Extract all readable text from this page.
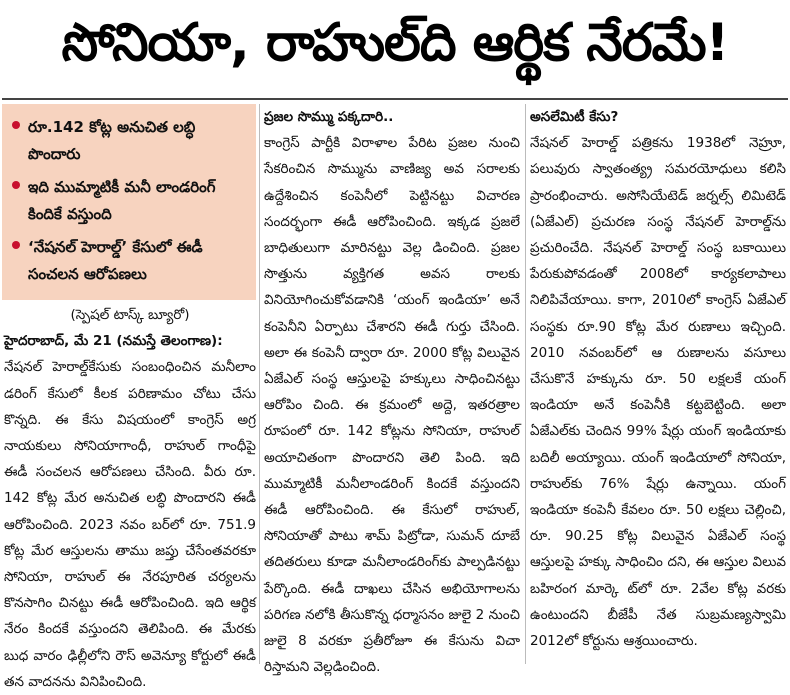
సోనియా, రాహుల్‌ది ఆర్థిక నేరమే!
రూ.142 కోట్ల అనుచిత లబ్ధి పొందారు
ఇది ముమ్మాటికీ మనీ లాండరింగ్‌ కిందికే వస్తుంది
‘నేషనల్‌ హెరాల్డ్‌’ కేసులో ఈడీ సంచలన ఆరోపణలు

(స్పెషల్‌ టాస్క్‌ బ్యూరో)

హైదరాబాద్‌, మే 21 (నమస్తే తెలంగాణ):

నేషనల్‌ హెరాల్డ్‌కేసుకు సంబంధించిన మనీలాం డరింగ్‌ కేసులో కీలక పరిణామం చోటు చేసు కొన్నది. ఈ కేసు విషయంలో కాంగ్రెస్‌ అగ్ర నాయకులు సోనియాగాంధీ, రాహుల్‌ గాంధీపై ఈడీ సంచలన ఆరోపణలు చేసింది. వీరు రూ. 142 కోట్ల మేర అనుచిత లబ్ధి పొందారని ఈడీ ఆరోపించింది. 2023 నవం బర్‌లో రూ. 751.9 కోట్ల మేర ఆస్తులను తాము జప్తు చేసేంతవరకూ సోనియా, రాహుల్‌ ఈ నేరపూరిత చర్యలను కొనసాగిం చినట్టు ఈడీ ఆరోపించింది. ఇది ఆర్థిక నేరం కిందకే వస్తుందని తెలిపింది. ఈ మేరకు బుధ వారం ఢిల్లీలోని రౌస్‌ అవెన్యూ కోర్టులో ఈడీ తన వాదనను వినిపించింది.

ప్రజల సొమ్ము పక్కదారి..

కాంగ్రెస్‌ పార్టీకి విరాళాల పేరిట ప్రజల నుంచి సేకరించిన సొమ్మును వాణిజ్య అవ సరాలకు ఉద్దేశించిన కంపెనీలో పెట్టినట్టు విచారణ సందర్భంగా ఈడీ ఆరోపించింది. ఇక్కడ ప్రజలే బాధితులుగా మారినట్టు వెల్ల డించింది. ప్రజల సొత్తును వ్యక్తిగత అవస రాలకు వినియోగించుకోవడానికి ‘యంగ్‌ ఇండియా’ అనే కంపెనీని ఏర్పాటు చేశారని ఈడీ గుర్తు చేసింది. అలా ఈ కంపెనీ ద్వారా రూ. 2000 కోట్ల విలువైన ఏజేఎల్‌ సంస్థ ఆస్తులపై హక్కులు సాధించినట్టు ఆరోపిం చింది. ఈ క్రమంలో అద్దె, ఇతరత్రాల రూపంలో రూ. 142 కోట్లను సోనియా, రాహుల్‌ అయాచితంగా పొందారని తెలి పింది. ఇది ముమ్మాటికీ మనీలాండరింగ్‌ కిందకే వస్తుందని ఈడీ ఆరోపించింది. ఈ కేసులో రాహుల్‌, సోనియాతో పాటు శామ్‌ పిట్రోడా, సుమన్‌ దూబే తదితరులు కూడా మనీలాండరింగ్‌కు పాల్పడినట్టు పేర్కొంది. ఈడీ దాఖలు చేసిన అభియోగాలను పరిగణ నలోకి తీసుకొన్న ధర్మాసనం జులై 2 నుంచి జులై 8 వరకూ ప్రతీరోజూ ఈ కేసును విచా రిస్తామని వెల్లడించింది.

అసలేమిటీ కేసు?

నేషనల్‌ హెరాల్డ్‌ పత్రికను 1938లో నెహ్రూ, పలువురు స్వాతంత్య్ర సమరయోధులు కలిసి ప్రారంభించారు. అసోసియేటెడ్‌ జర్నల్స్‌ లిమిటెడ్‌ (ఏజేఎల్‌) ప్రచురణ సంస్థ నేషనల్‌ హెరాల్డ్‌ను ప్రచురించేది. నేషనల్‌ హెరాల్డ్‌ సంస్థ బకాయిలు పేరుకుపోవడంతో 2008లో కార్యకలాపాలు నిలిపివేయాయి. కాగా, 2010లో కాంగ్రెస్‌ ఏజేఎల్‌ సంస్థకు రూ.90 కోట్ల మేర రుణాలు ఇచ్చింది. 2010 నవంబర్‌లో ఆ రుణాలను వసూలు చేసుకొనే హక్కును రూ. 50 లక్షలకే యంగ్‌ ఇండియా అనే కంపెనీకి కట్టబెట్టింది. అలా ఏజేఎల్‌కు చెందిన 99% షేర్లు యంగ్‌ ఇండియాకు బదిలీ అయ్యాయి. యంగ్‌ ఇండియాలో సోనియా, రాహుల్‌కు 76% షేర్లు ఉన్నాయి. యంగ్‌ ఇండియా కంపెనీ కేవలం రూ. 50 లక్షలు చెల్లించి, రూ. 90.25 కోట్ల విలువైన ఏజేఎల్‌ సంస్థ ఆస్తులపై హక్కు సాధించిం దని, ఈ ఆస్తుల విలువ బహిరంగ మార్కె ట్‌లో రూ. 2వేల కోట్ల వరకు ఉంటుందని బీజేపీ నేత సుబ్రమణ్యస్వామి 2012లో కోర్టును ఆశ్రయించారు.
